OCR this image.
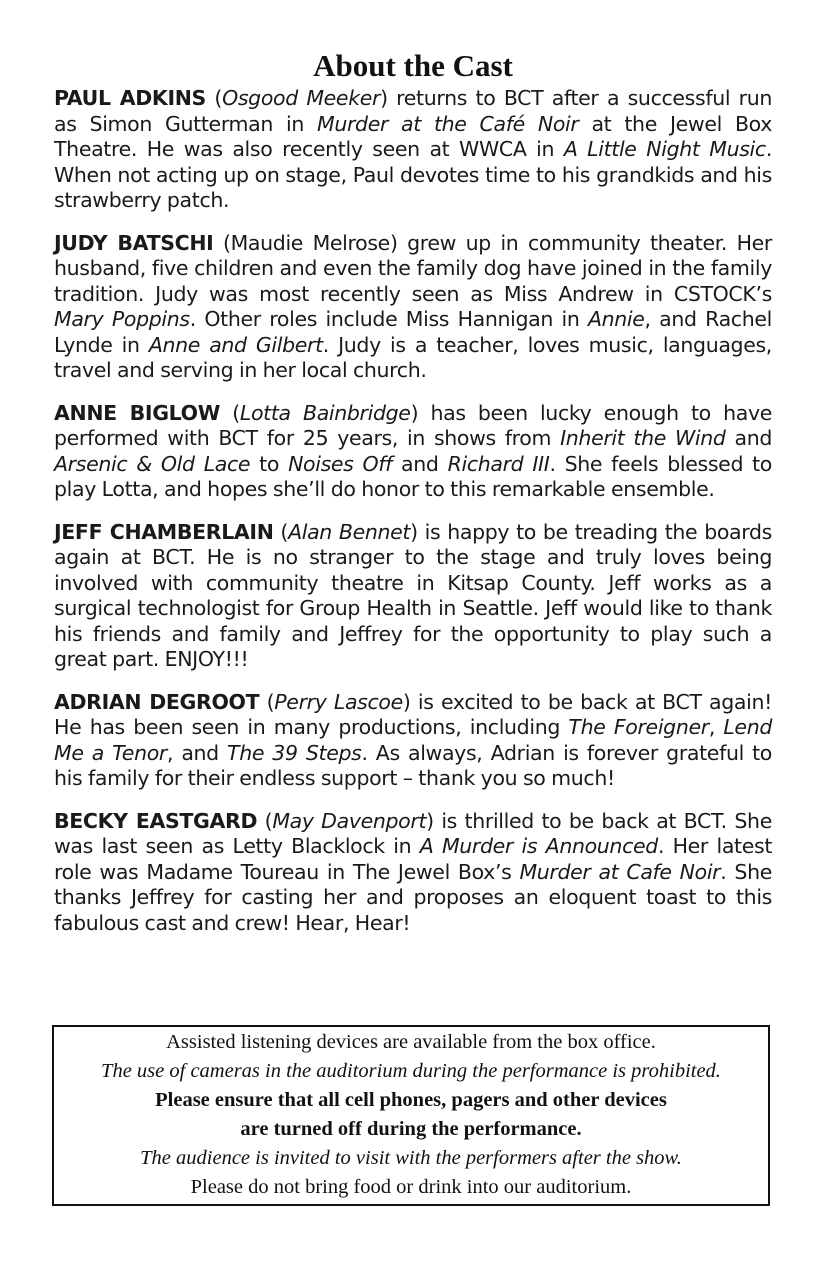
About the Cast

PAUL ADKINS (Osgood Meeker) returns to BCT after a successful run as Simon Gutterman in Murder at the Café Noir at the Jewel Box Theatre. He was also recently seen at WWCA in A Little Night Music. When not acting up on stage, Paul devotes time to his grandkids and his strawberry patch.

JUDY BATSCHI (Maudie Melrose) grew up in community theater. Her husband, five children and even the family dog have joined in the family tradition. Judy was most recently seen as Miss Andrew in CSTOCK’s Mary Poppins. Other roles include Miss Hannigan in Annie, and Rachel Lynde in Anne and Gilbert. Judy is a teacher, loves music, languages, travel and serving in her local church.

ANNE BIGLOW (Lotta Bainbridge) has been lucky enough to have performed with BCT for 25 years, in shows from Inherit the Wind and Arsenic & Old Lace to Noises Off and Richard III. She feels blessed to play Lotta, and hopes she’ll do honor to this remarkable ensemble.

JEFF CHAMBERLAIN (Alan Bennet) is happy to be treading the boards again at BCT. He is no stranger to the stage and truly loves being involved with community theatre in Kitsap County. Jeff works as a surgical technologist for Group Health in Seattle. Jeff would like to thank his friends and family and Jeffrey for the opportunity to play such a great part. ENJOY!!!

ADRIAN DEGROOT (Perry Lascoe) is excited to be back at BCT again! He has been seen in many productions, including The Foreigner, Lend Me a Tenor, and The 39 Steps. As always, Adrian is forever grateful to his family for their endless support – thank you so much!

BECKY EASTGARD (May Davenport) is thrilled to be back at BCT. She was last seen as Letty Blacklock in A Murder is Announced. Her latest role was Madame Toureau in The Jewel Box’s Murder at Cafe Noir. She thanks Jeffrey for casting her and proposes an eloquent toast to this fabulous cast and crew! Hear, Hear!

Assisted listening devices are available from the box office.
The use of cameras in the auditorium during the performance is prohibited.
Please ensure that all cell phones, pagers and other devices
are turned off during the performance.
The audience is invited to visit with the performers after the show.
Please do not bring food or drink into our auditorium.
